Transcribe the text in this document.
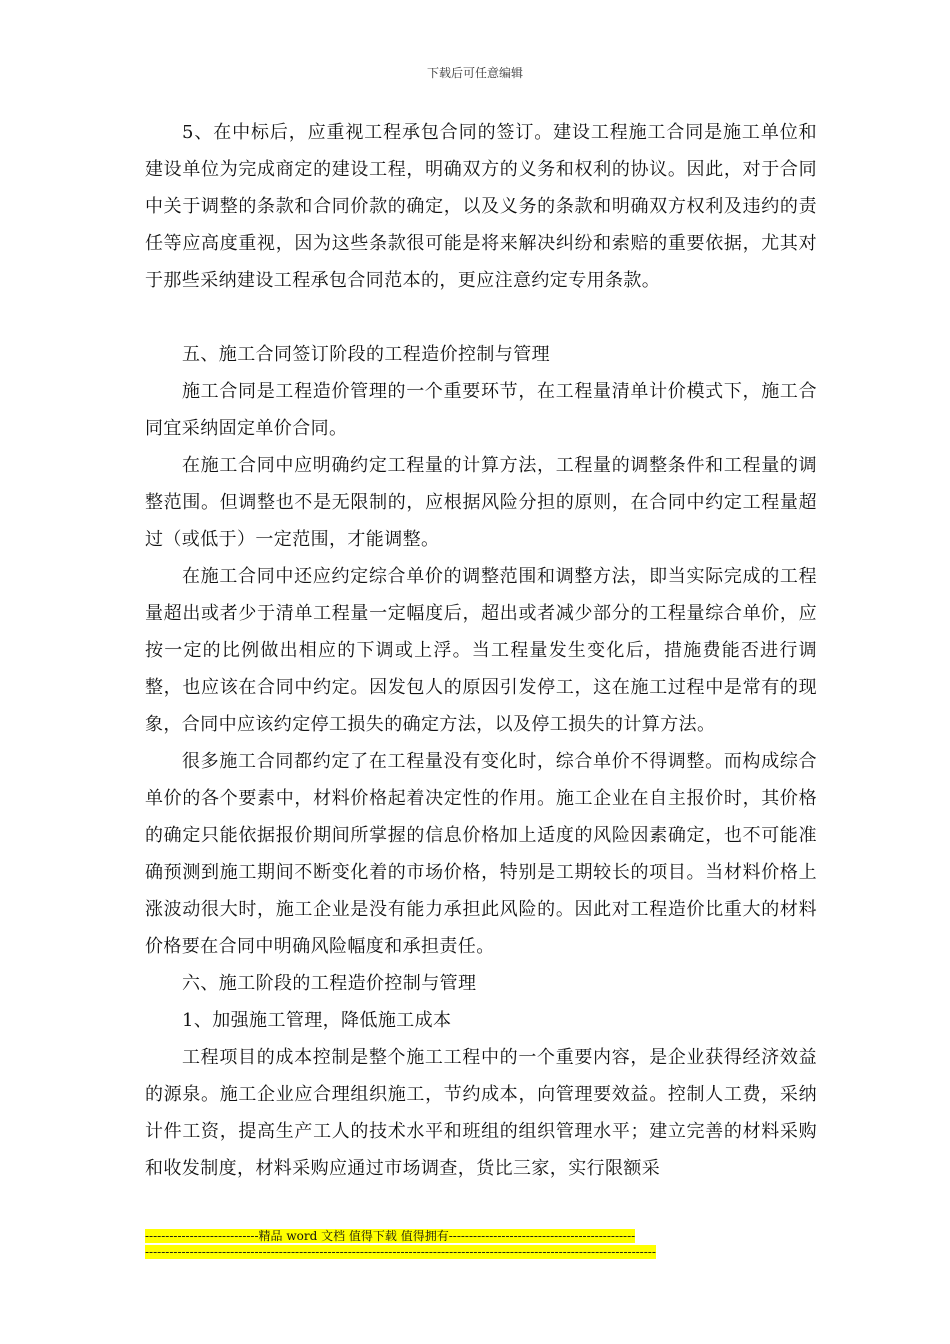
下载后可任意编辑

5、在中标后，应重视工程承包合同的签订。建设工程施工合同是施工单位和建设单位为完成商定的建设工程，明确双方的义务和权利的协议。因此，对于合同中关于调整的条款和合同价款的确定，以及义务的条款和明确双方权利及违约的责任等应高度重视，因为这些条款很可能是将来解决纠纷和索赔的重要依据，尤其对于那些采纳建设工程承包合同范本的，更应注意约定专用条款。

五、施工合同签订阶段的工程造价控制与管理

施工合同是工程造价管理的一个重要环节，在工程量清单计价模式下，施工合同宜采纳固定单价合同。

在施工合同中应明确约定工程量的计算方法，工程量的调整条件和工程量的调整范围。但调整也不是无限制的，应根据风险分担的原则，在合同中约定工程量超过（或低于）一定范围，才能调整。

在施工合同中还应约定综合单价的调整范围和调整方法，即当实际完成的工程量超出或者少于清单工程量一定幅度后，超出或者减少部分的工程量综合单价，应按一定的比例做出相应的下调或上浮。当工程量发生变化后，措施费能否进行调整，也应该在合同中约定。因发包人的原因引发停工，这在施工过程中是常有的现象，合同中应该约定停工损失的确定方法，以及停工损失的计算方法。

很多施工合同都约定了在工程量没有变化时，综合单价不得调整。而构成综合单价的各个要素中，材料价格起着决定性的作用。施工企业在自主报价时，其价格的确定只能依据报价期间所掌握的信息价格加上适度的风险因素确定，也不可能准确预测到施工期间不断变化着的市场价格，特别是工期较长的项目。当材料价格上涨波动很大时，施工企业是没有能力承担此风险的。因此对工程造价比重大的材料价格要在合同中明确风险幅度和承担责任。

六、施工阶段的工程造价控制与管理

1、加强施工管理，降低施工成本

工程项目的成本控制是整个施工工程中的一个重要内容，是企业获得经济效益的源泉。施工企业应合理组织施工，节约成本，向管理要效益。控制人工费，采纳计件工资，提高生产工人的技术水平和班组的组织管理水平；建立完善的材料采购和收发制度，材料采购应通过市场调查，货比三家，实行限额采

----------------------------精品 word 文档 值得下载 值得拥有----------------------------------------------
------------------------------------------------------------------------------------------------------------------------------
